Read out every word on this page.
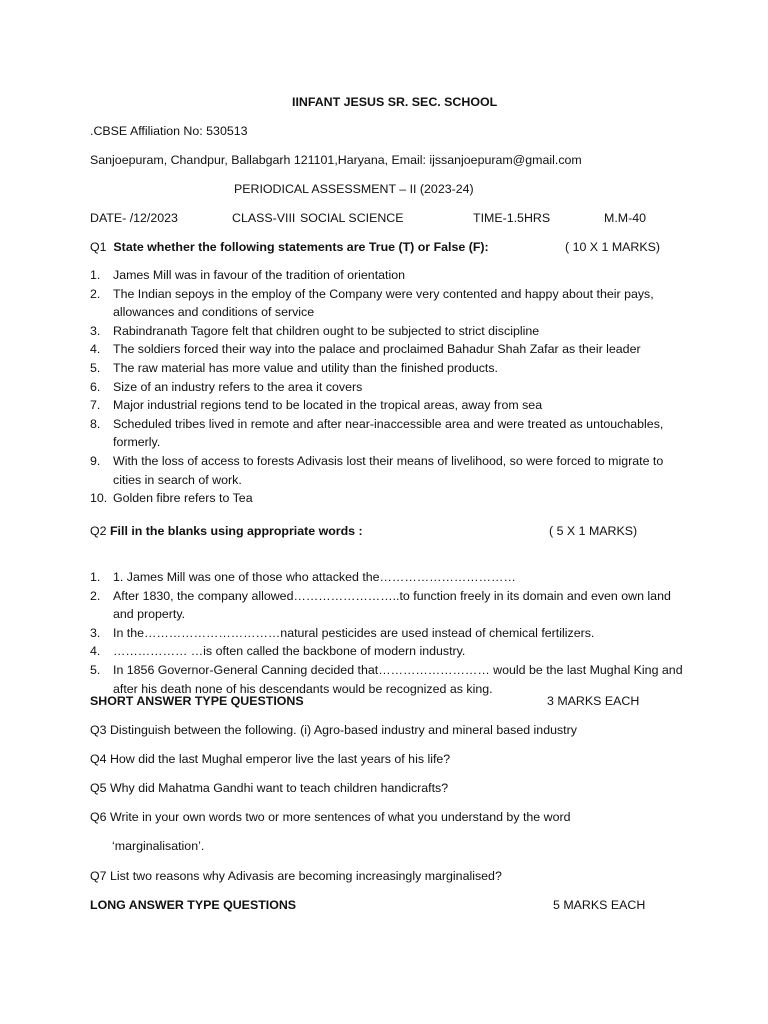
IINFANT JESUS SR. SEC. SCHOOL
.CBSE Affiliation No: 530513
Sanjoepuram, Chandpur, Ballabgarh 121101,Haryana, Email: ijssanjoepuram@gmail.com
PERIODICAL ASSESSMENT – II (2023-24)
DATE- /12/2023	CLASS-VIII SOCIAL SCIENCE	TIME-1.5HRS	M.M-40
Q1 State whether the following statements are True (T) or False (F):	( 10 X 1 MARKS)
1. James Mill was in favour of the tradition of orientation
2. The Indian sepoys in the employ of the Company were very contented and happy about their pays, allowances and conditions of service
3. Rabindranath Tagore felt that children ought to be subjected to strict discipline
4. The soldiers forced their way into the palace and proclaimed Bahadur Shah Zafar as their leader
5. The raw material has more value and utility than the finished products.
6. Size of an industry refers to the area it covers
7. Major industrial regions tend to be located in the tropical areas, away from sea
8. Scheduled tribes lived in remote and after near-inaccessible area and were treated as untouchables, formerly.
9. With the loss of access to forests Adivasis lost their means of livelihood, so were forced to migrate to cities in search of work.
10. Golden fibre refers to Tea
Q2 Fill in the blanks using appropriate words :	( 5 X 1 MARKS)
1. 1. James Mill was one of those who attacked the……………………………
2. After 1830, the company allowed……………………..to function freely in its domain and even own land and property.
3. In the……………………………natural pesticides are used instead of chemical fertilizers.
4. ……………… …is often called the backbone of modern industry.
5. In 1856 Governor-General Canning decided that……………………… would be the last Mughal King and after his death none of his descendants would be recognized as king.
SHORT ANSWER TYPE QUESTIONS	3 MARKS EACH
Q3 Distinguish between the following. (i) Agro-based industry and mineral based industry
Q4 How did the last Mughal emperor live the last years of his life?
Q5 Why did Mahatma Gandhi want to teach children handicrafts?
Q6 Write in your own words two or more sentences of what you understand by the word
‘marginalisation’.
Q7 List two reasons why Adivasis are becoming increasingly marginalised?
LONG ANSWER TYPE QUESTIONS	5 MARKS EACH
